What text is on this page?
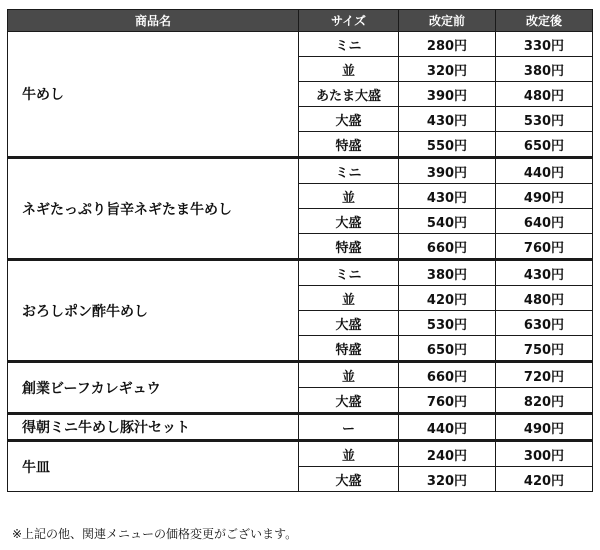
商品名	サイズ	改定前	改定後
牛めし	ミニ	280円	330円
	並	320円	380円
	あたま大盛	390円	480円
	大盛	430円	530円
	特盛	550円	650円
ネギたっぷり旨辛ネギたま牛めし	ミニ	390円	440円
	並	430円	490円
	大盛	540円	640円
	特盛	660円	760円
おろしポン酢牛めし	ミニ	380円	430円
	並	420円	480円
	大盛	530円	630円
	特盛	650円	750円
創業ビーフカレギュウ	並	660円	720円
	大盛	760円	820円
得朝ミニ牛めし豚汁セット	ー	440円	490円
牛皿	並	240円	300円
	大盛	320円	420円
※上記の他、関連メニューの価格変更がございます。
